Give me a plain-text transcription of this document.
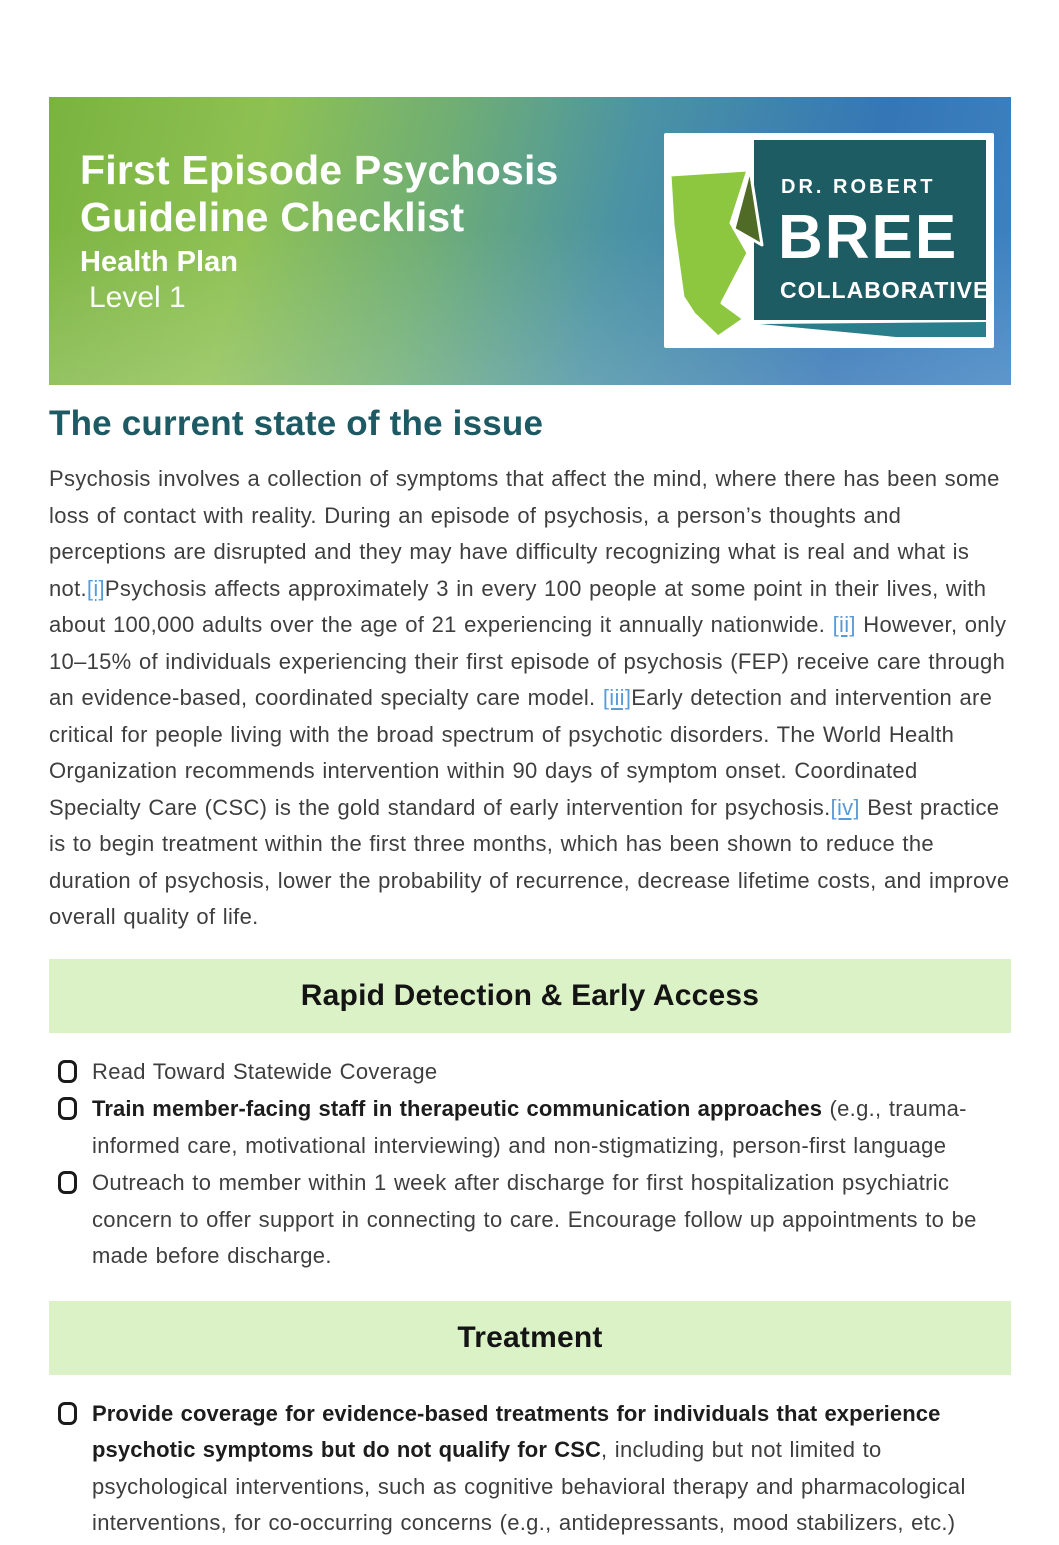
First Episode Psychosis
Guideline Checklist
Health Plan
Level 1
DR. ROBERT
BREE
COLLABORATIVE
The current state of the issue

Psychosis involves a collection of symptoms that affect the mind, where there has been some loss of contact with reality. During an episode of psychosis, a person’s thoughts and perceptions are disrupted and they may have difficulty recognizing what is real and what is not.[i]Psychosis affects approximately 3 in every 100 people at some point in their lives, with about 100,000 adults over the age of 21 experiencing it annually nationwide. [ii] However, only 10–15% of individuals experiencing their first episode of psychosis (FEP) receive care through an evidence-based, coordinated specialty care model. [iii]Early detection and intervention are critical for people living with the broad spectrum of psychotic disorders. The World Health Organization recommends intervention within 90 days of symptom onset. Coordinated Specialty Care (CSC) is the gold standard of early intervention for psychosis.[iv] Best practice is to begin treatment within the first three months, which has been shown to reduce the duration of psychosis, lower the probability of recurrence, decrease lifetime costs, and improve overall quality of life.

Rapid Detection & Early Access
Read Toward Statewide Coverage
Train member-facing staff in therapeutic communication approaches (e.g., trauma-informed care, motivational interviewing) and non-stigmatizing, person-first language
Outreach to member within 1 week after discharge for first hospitalization psychiatric concern to offer support in connecting to care. Encourage follow up appointments to be made before discharge.
Treatment
Provide coverage for evidence-based treatments for individuals that experience psychotic symptoms but do not qualify for CSC, including but not limited to psychological interventions, such as cognitive behavioral therapy and pharmacological interventions, for co-occurring concerns (e.g., antidepressants, mood stabilizers, etc.)
